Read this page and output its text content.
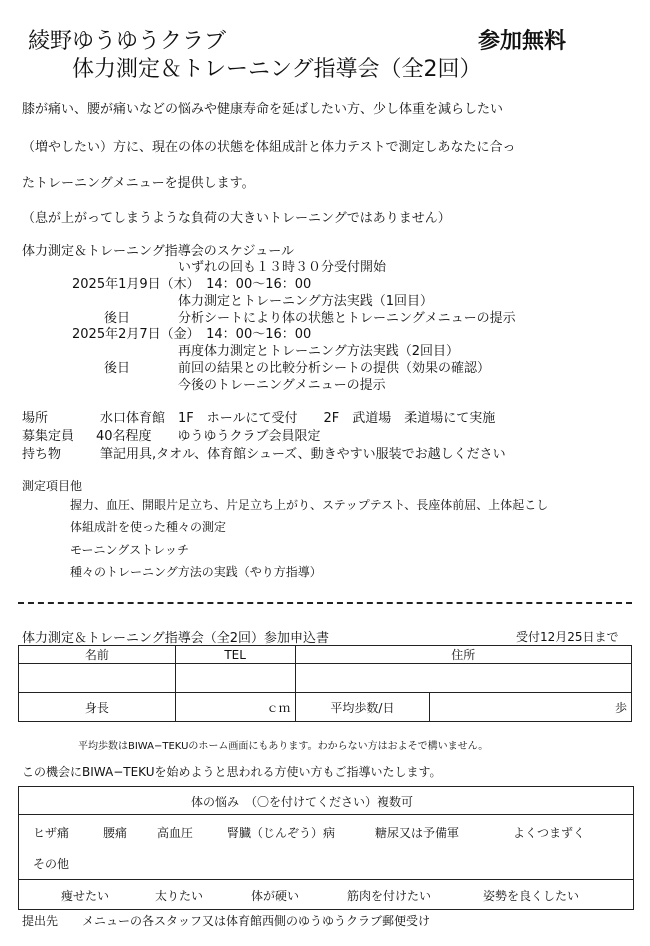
綾野ゆうゆうクラブ	参加無料
体力測定＆トレーニング指導会（全2回）
膝が痛い、腰が痛いなどの悩みや健康寿命を延ばしたい方、少し体重を減らしたい
（増やしたい）方に、現在の体の状態を体組成計と体力テストで測定しあなたに合っ
たトレーニングメニューを提供します。
（息が上がってしまうような負荷の大きいトレーニングではありません）
体力測定＆トレーニング指導会のスケジュール
いずれの回も１３時３０分受付開始
2025年1月9日（木）　14：00〜16：00
体力測定とトレーニング方法実践（1回目）
後日	分析シートにより体の状態とトレーニングメニューの提示
2025年2月7日（金）　14：00〜16：00
再度体力測定とトレーニング方法実践（2回目）
後日	前回の結果との比較分析シートの提供（効果の確認）
今後のトレーニングメニューの提示
場所	水口体育館　1F　ホールにて受付　　2F　武道場　柔道場にて実施
募集定員 40名程度　　ゆうゆうクラブ会員限定
持ち物	筆記用具,タオル、体育館シューズ、動きやすい服装でお越しください
測定項目他
握力、血圧、開眼片足立ち、片足立ち上がり、ステップテスト、長座体前屈、上体起こし
体組成計を使った種々の測定
モーニングストレッチ
種々のトレーニング方法の実践（やり方指導）
体力測定＆トレーニング指導会（全2回）参加申込書	受付12月25日まで
名前	TEL	住所	

身長	ｃｍ	平均歩数/日	歩
平均歩数はBIWA−TEKUのホーム画面にもあります。わからない方はおよそで構いません。
この機会にBIWA−TEKUを始めようと思われる方使い方もご指導いたします。
体の悩み　（〇を付けてください）複数可
ヒザ痛	腰痛 高血圧	腎臓（じんぞう）病	糖尿又は予備軍	よくつまずく
その他
痩せたい	太りたい	体が硬い	筋肉を付けたい	姿勢を良くしたい
提出先　　メニューの各スタッフ又は体育館西側のゆうゆうクラブ郵便受け
